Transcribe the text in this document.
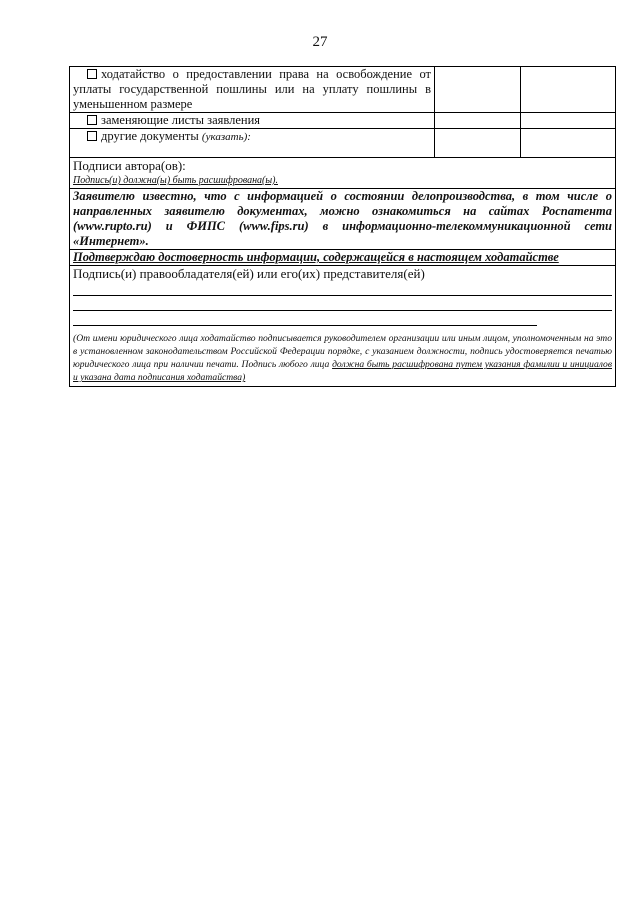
27
ходатайство о предоставлении права на освобождение от уплаты государственной пошлины или на уплату пошлины в уменьшенном размере		
заменяющие листы заявления		
другие документы (указать):		

Подписи автора(ов):
Подпись(и) должна(ы) быть расшифрована(ы).		

Заявителю известно, что с информацией о состоянии делопроизводства, в том числе о направленных заявителю документах, можно ознакомиться на сайтах Роспатента (www.rupto.ru) и ФИПС (www.fips.ru) в информационно-телекоммуникационной сети «Интернет».		
Подтверждаю достоверность информации, содержащейся в настоящем ходатайстве		

Подпись(и) правообладателя(ей) или его(их) представителя(ей)
(От имени юридического лица ходатайство подписывается руководителем организации или иным лицом, уполномоченным на это в установленном законодательством Российской Федерации порядке, с указанием должности, подпись удостоверяется печатью юридического лица при наличии печати. Подпись любого лица должна быть расшифрована путем указания фамилии и инициалов и указана дата подписания ходатайства)		
